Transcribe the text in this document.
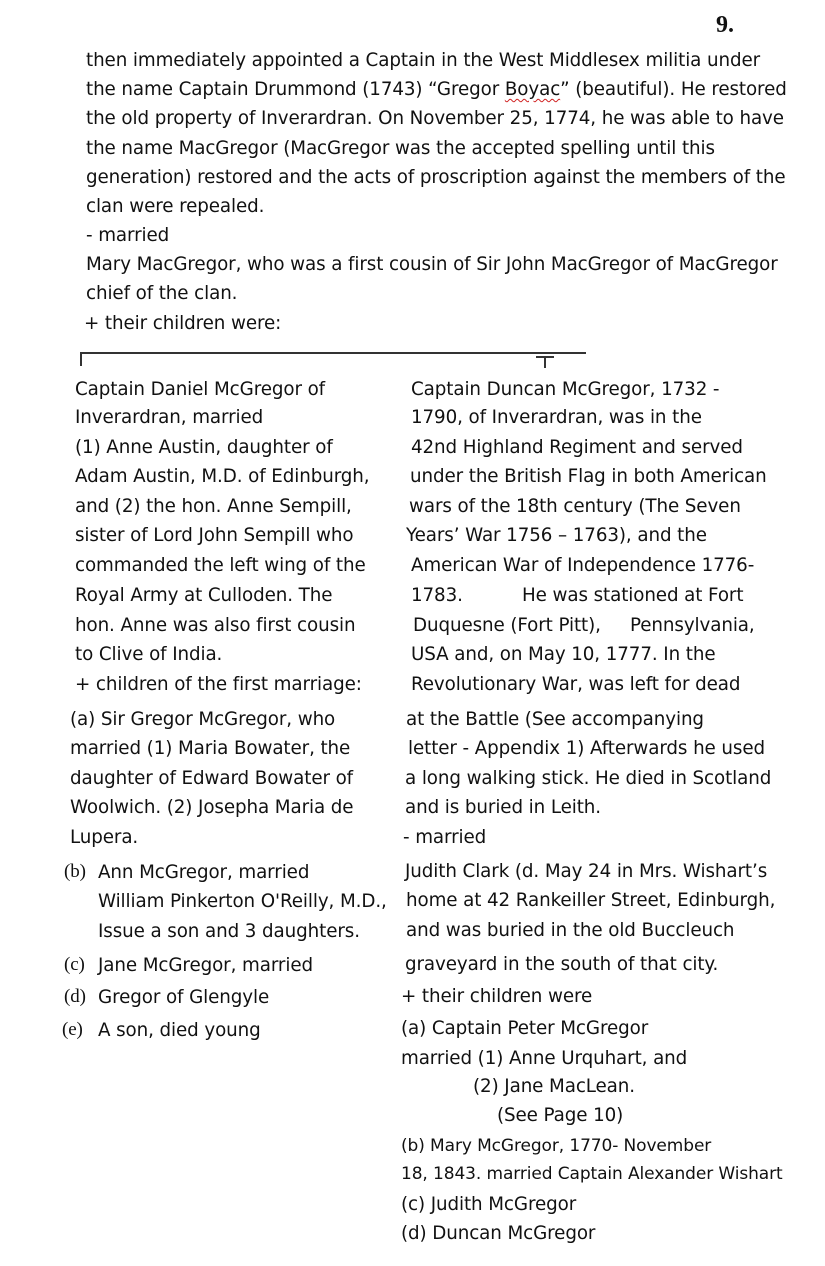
9.
then immediately appointed a Captain in the West Middlesex militia under
the name Captain Drummond (1743) “Gregor Boyac” (beautiful). He restored
the old property of Inverardran. On November 25, 1774, he was able to have
the name MacGregor (MacGregor was the accepted spelling until this
generation) restored and the acts of proscription against the members of the
clan were repealed.
- married
Mary MacGregor, who was a first cousin of Sir John MacGregor of MacGregor
chief of the clan.
+ their children were:
Captain Daniel McGregor of
Inverardran, married
(1) Anne Austin, daughter of
Adam Austin, M.D. of Edinburgh,
and (2) the hon. Anne Sempill,
sister of Lord John Sempill who
commanded the left wing of the
Royal Army at Culloden. The
hon. Anne was also first cousin
to Clive of India.
+ children of the first marriage:
(a) Sir Gregor McGregor, who
married (1) Maria Bowater, the
daughter of Edward Bowater of
Woolwich. (2) Josepha Maria de
Lupera.
(b) Ann McGregor, married
William Pinkerton O'Reilly, M.D.,
Issue a son and 3 daughters.
(c) Jane McGregor, married
(d) Gregor of Glengyle
(e) A son, died young
Captain Duncan McGregor, 1732 -
1790, of Inverardran, was in the
42nd Highland Regiment and served
under the British Flag in both American
wars of the 18th century (The Seven
Years’ War 1756 – 1763), and the
American War of Independence 1776-
1783.	He was stationed at Fort
Duquesne (Fort Pitt), Pennsylvania,
USA and, on May 10, 1777. In the
Revolutionary War, was left for dead
at the Battle (See accompanying
letter - Appendix 1) Afterwards he used
a long walking stick. He died in Scotland
and is buried in Leith.
- married
Judith Clark (d. May 24 in Mrs. Wishart’s
home at 42 Rankeiller Street, Edinburgh,
and was buried in the old Buccleuch
graveyard in the south of that city.
+ their children were
(a) Captain Peter McGregor
married (1) Anne Urquhart, and
(2) Jane MacLean.
(See Page 10)
(b) Mary McGregor, 1770- November
18, 1843. married Captain Alexander Wishart
(c) Judith McGregor
(d) Duncan McGregor
